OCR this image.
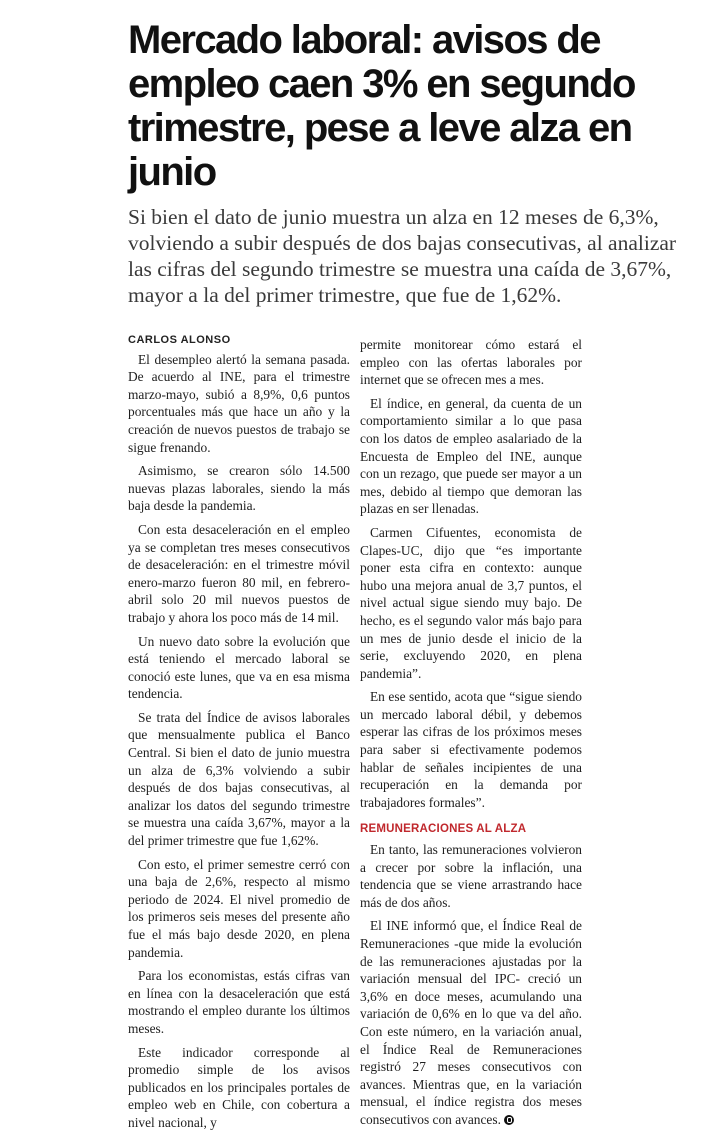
Mercado laboral: avisos de empleo caen 3% en segundo trimestre, pese a leve alza en junio

Si bien el dato de junio muestra un alza en 12 meses de 6,3%, volviendo a subir después de dos bajas consecutivas, al analizar las cifras del segundo trimestre se muestra una caída de 3,67%, mayor a la del primer trimestre, que fue de 1,62%.

CARLOS ALONSO

El desempleo alertó la semana pasada. De acuerdo al INE, para el trimestre marzo-mayo, subió a 8,9%, 0,6 puntos porcentuales más que hace un año y la creación de nuevos puestos de trabajo se sigue frenando.

Asimismo, se crearon sólo 14.500 nuevas plazas laborales, siendo la más baja desde la pandemia.

Con esta desaceleración en el empleo ya se completan tres meses consecutivos de desaceleración: en el trimestre móvil enero-marzo fueron 80 mil, en febrero-abril solo 20 mil nuevos puestos de trabajo y ahora los poco más de 14 mil.

Un nuevo dato sobre la evolución que está teniendo el mercado laboral se conoció este lunes, que va en esa misma tendencia.

Se trata del Índice de avisos laborales que mensualmente publica el Banco Central. Si bien el dato de junio muestra un alza de 6,3% volviendo a subir después de dos bajas consecutivas, al analizar los datos del segundo trimestre se muestra una caída 3,67%, mayor a la del primer trimestre que fue 1,62%.

Con esto, el primer semestre cerró con una baja de 2,6%, respecto al mismo periodo de 2024. El nivel promedio de los primeros seis meses del presente año fue el más bajo desde 2020, en plena pandemia.

Para los economistas, estás cifras van en línea con la desaceleración que está mostrando el empleo durante los últimos meses.

Este indicador corresponde al promedio simple de los avisos publicados en los principales portales de empleo web en Chile, con cobertura a nivel nacional, y

permite monitorear cómo estará el empleo con las ofertas laborales por internet que se ofrecen mes a mes.

El índice, en general, da cuenta de un comportamiento similar a lo que pasa con los datos de empleo asalariado de la Encuesta de Empleo del INE, aunque con un rezago, que puede ser mayor a un mes, debido al tiempo que demoran las plazas en ser llenadas.

Carmen Cifuentes, economista de Clapes-UC, dijo que “es importante poner esta cifra en contexto: aunque hubo una mejora anual de 3,7 puntos, el nivel actual sigue siendo muy bajo. De hecho, es el segundo valor más bajo para un mes de junio desde el inicio de la serie, excluyendo 2020, en plena pandemia”.

En ese sentido, acota que “sigue siendo un mercado laboral débil, y debemos esperar las cifras de los próximos meses para saber si efectivamente podemos hablar de señales incipientes de una recuperación en la demanda por trabajadores formales”.

REMUNERACIONES AL ALZA

En tanto, las remuneraciones volvieron a crecer por sobre la inflación, una tendencia que se viene arrastrando hace más de dos años.

El INE informó que, el Índice Real de Remuneraciones -que mide la evolución de las remuneraciones ajustadas por la variación mensual del IPC- creció un 3,6% en doce meses, acumulando una variación de 0,6% en lo que va del año. Con este número, en la variación anual, el Índice Real de Remuneraciones registró 27 meses consecutivos con avances. Mientras que, en la variación mensual, el índice registra dos meses consecutivos con avances.
